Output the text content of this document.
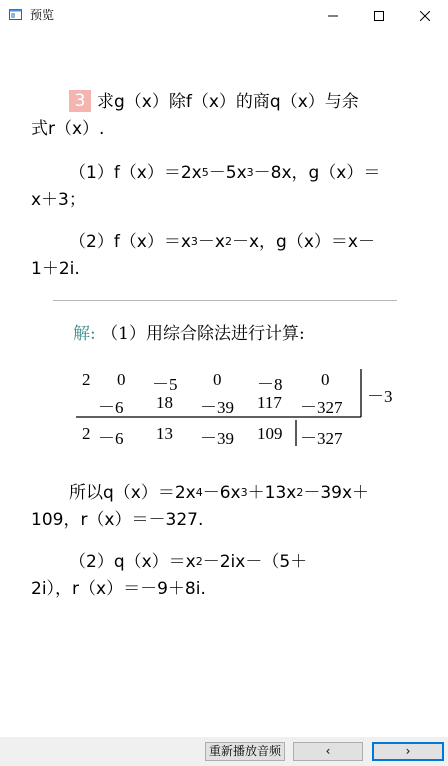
预览
3 求g（x）除f（x）的商q（x）与余
式r（x）.
$(1)f(x)=2x^5-5x^3-8x$，g（x）＝
x＋3；
$(2)f(x)=x^3-x^2-x$，g（x）＝x－
1＋2i.
解: （1）用综合除法进行计算:
2 0 －5 0 －8 0
－3
－6 18 －39 117 －327
2 －6 13 －39 109 －327
所以$q(x)=2x^4-6x^3+13x^2-39x+$
109，r（x）＝－327.
$(2)q(x)=x^2-2ix-(5+$
2i），r（x）＝－9＋8i.
重新播放音频	‹	›
